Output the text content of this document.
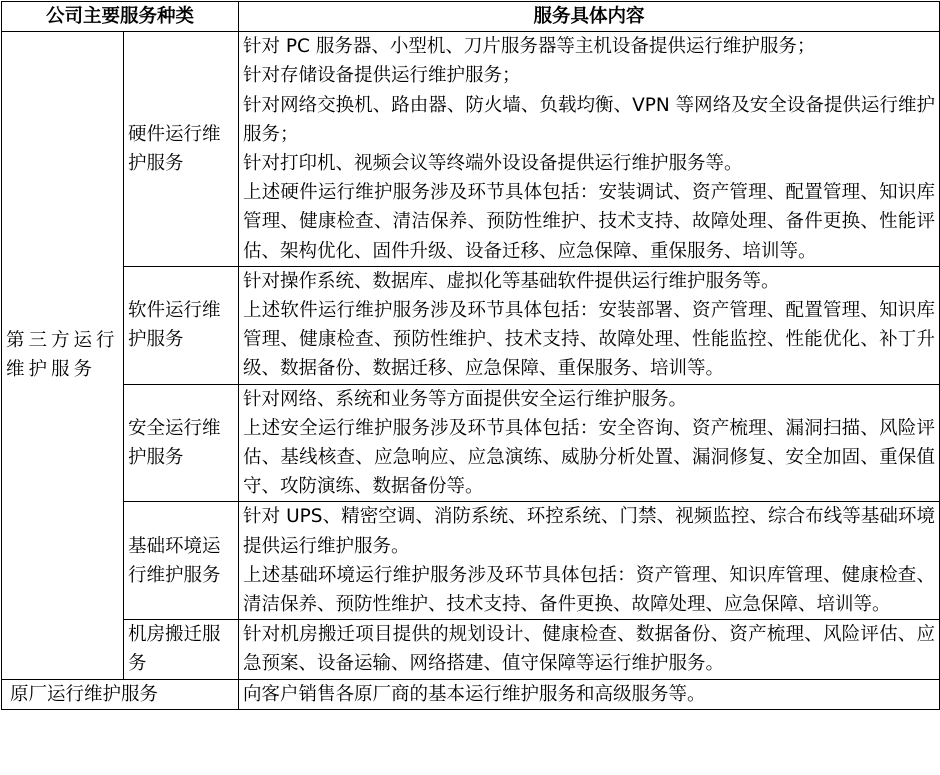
公司主要服务种类		服务具体内容
第三方运行维护服务	硬件运行维护服务	针对 PC 服务器、小型机、刀片服务器等主机设备提供运行维护服务；
针对存储设备提供运行维护服务；
针对网络交换机、路由器、防火墙、负载均衡、VPN 等网络及安全设备提供运行维护服务；
针对打印机、视频会议等终端外设设备提供运行维护服务等。
上述硬件运行维护服务涉及环节具体包括：安装调试、资产管理、配置管理、知识库管理、健康检查、清洁保养、预防性维护、技术支持、故障处理、备件更换、性能评估、架构优化、固件升级、设备迁移、应急保障、重保服务、培训等。

	软件运行维护服务	针对操作系统、数据库、虚拟化等基础软件提供运行维护服务等。
上述软件运行维护服务涉及环节具体包括：安装部署、资产管理、配置管理、知识库管理、健康检查、预防性维护、技术支持、故障处理、性能监控、性能优化、补丁升级、数据备份、数据迁移、应急保障、重保服务、培训等。

	安全运行维护服务	针对网络、系统和业务等方面提供安全运行维护服务。
上述安全运行维护服务涉及环节具体包括：安全咨询、资产梳理、漏洞扫描、风险评估、基线核查、应急响应、应急演练、威胁分析处置、漏洞修复、安全加固、重保值守、攻防演练、数据备份等。

	基础环境运行维护服务	针对 UPS、精密空调、消防系统、环控系统、门禁、视频监控、综合布线等基础环境提供运行维护服务。
上述基础环境运行维护服务涉及环节具体包括：资产管理、知识库管理、健康检查、清洁保养、预防性维护、技术支持、备件更换、故障处理、应急保障、培训等。

	机房搬迁服务	针对机房搬迁项目提供的规划设计、健康检查、数据备份、资产梳理、风险评估、应急预案、设备运输、网络搭建、值守保障等运行维护服务。

原厂运行维护服务		向客户销售各原厂商的基本运行维护服务和高级服务等。
